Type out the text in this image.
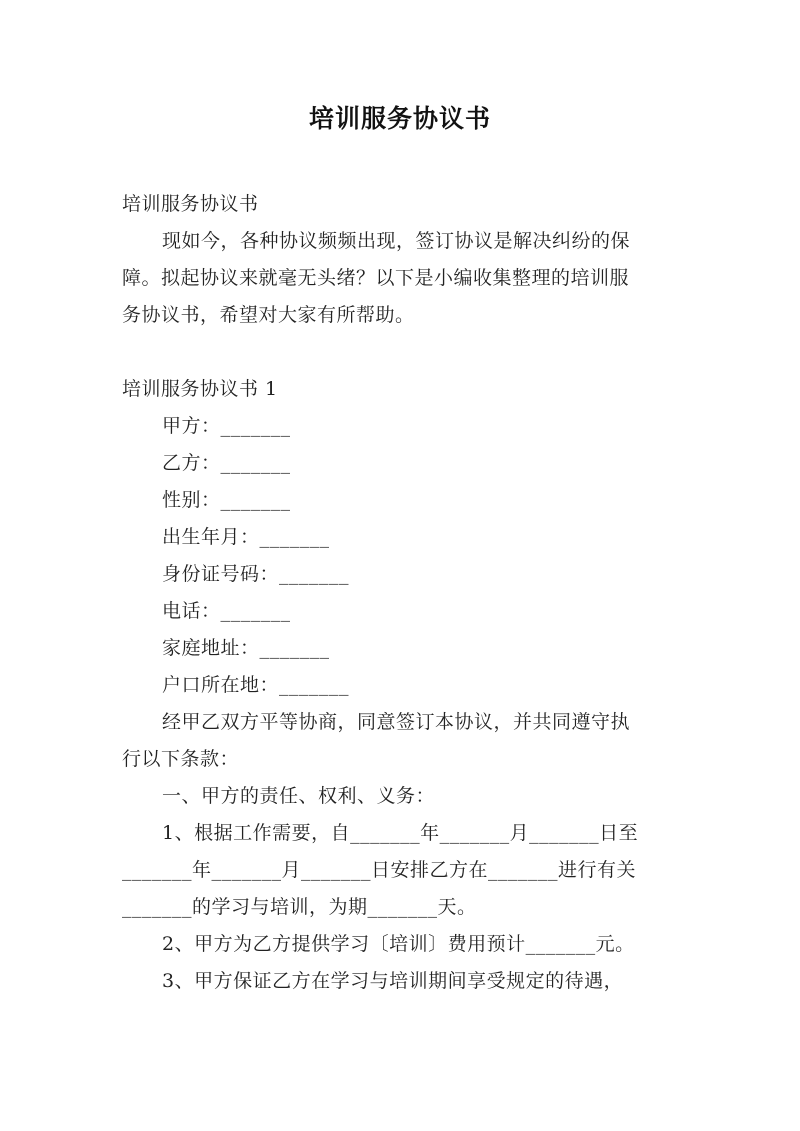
培训服务协议书
培训服务协议书
现如今，各种协议频频出现，签订协议是解决纠纷的保
障。拟起协议来就毫无头绪？以下是小编收集整理的培训服
务协议书，希望对大家有所帮助。
培训服务协议书 1
甲方：_______
乙方：_______
性别：_______
出生年月：_______
身份证号码：_______
电话：_______
家庭地址：_______
户口所在地：_______
经甲乙双方平等协商，同意签订本协议，并共同遵守执
行以下条款：
一、甲方的责任、权利、义务：
1、根据工作需要，自_______年_______月_______日至
_______年_______月_______日安排乙方在_______进行有关
_______的学习与培训，为期_______天。
2、甲方为乙方提供学习〔培训〕费用预计_______元。
3、甲方保证乙方在学习与培训期间享受规定的待遇，
